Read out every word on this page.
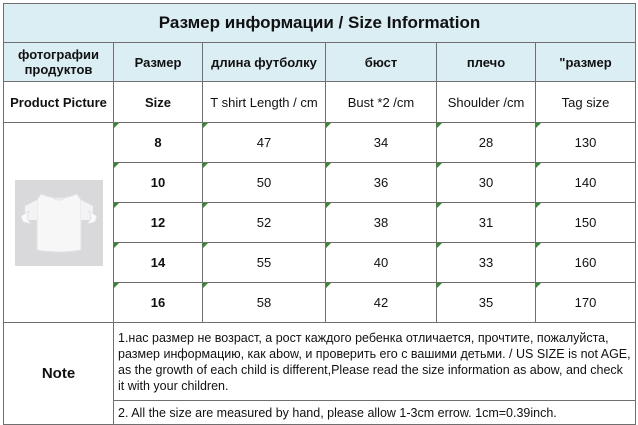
Размер информации / Size Information					
фотографии продуктов	Размер	длина футболку	бюст	плечо	"размер
Product Picture	Size	T shirt Length / cm	Bust *2 /cm	Shoulder /cm	Tag size

8	47	34	28	130

10	50	36	30	140

12	52	38	31	150

14	55	40	33	160

16	58	42	35	170
Note	1.нас размер не возраст, а рост каждого ребенка отличается, прочтите, пожалуйста, размер информацию, как abow, и проверить его с вашими детьми. / US SIZE is not AGE, as the growth of each child is different,Please read the size information as abow, and check it with your children.				
	2. All the size are measured by hand, please allow 1-3cm errow. 1cm=0.39inch.				
